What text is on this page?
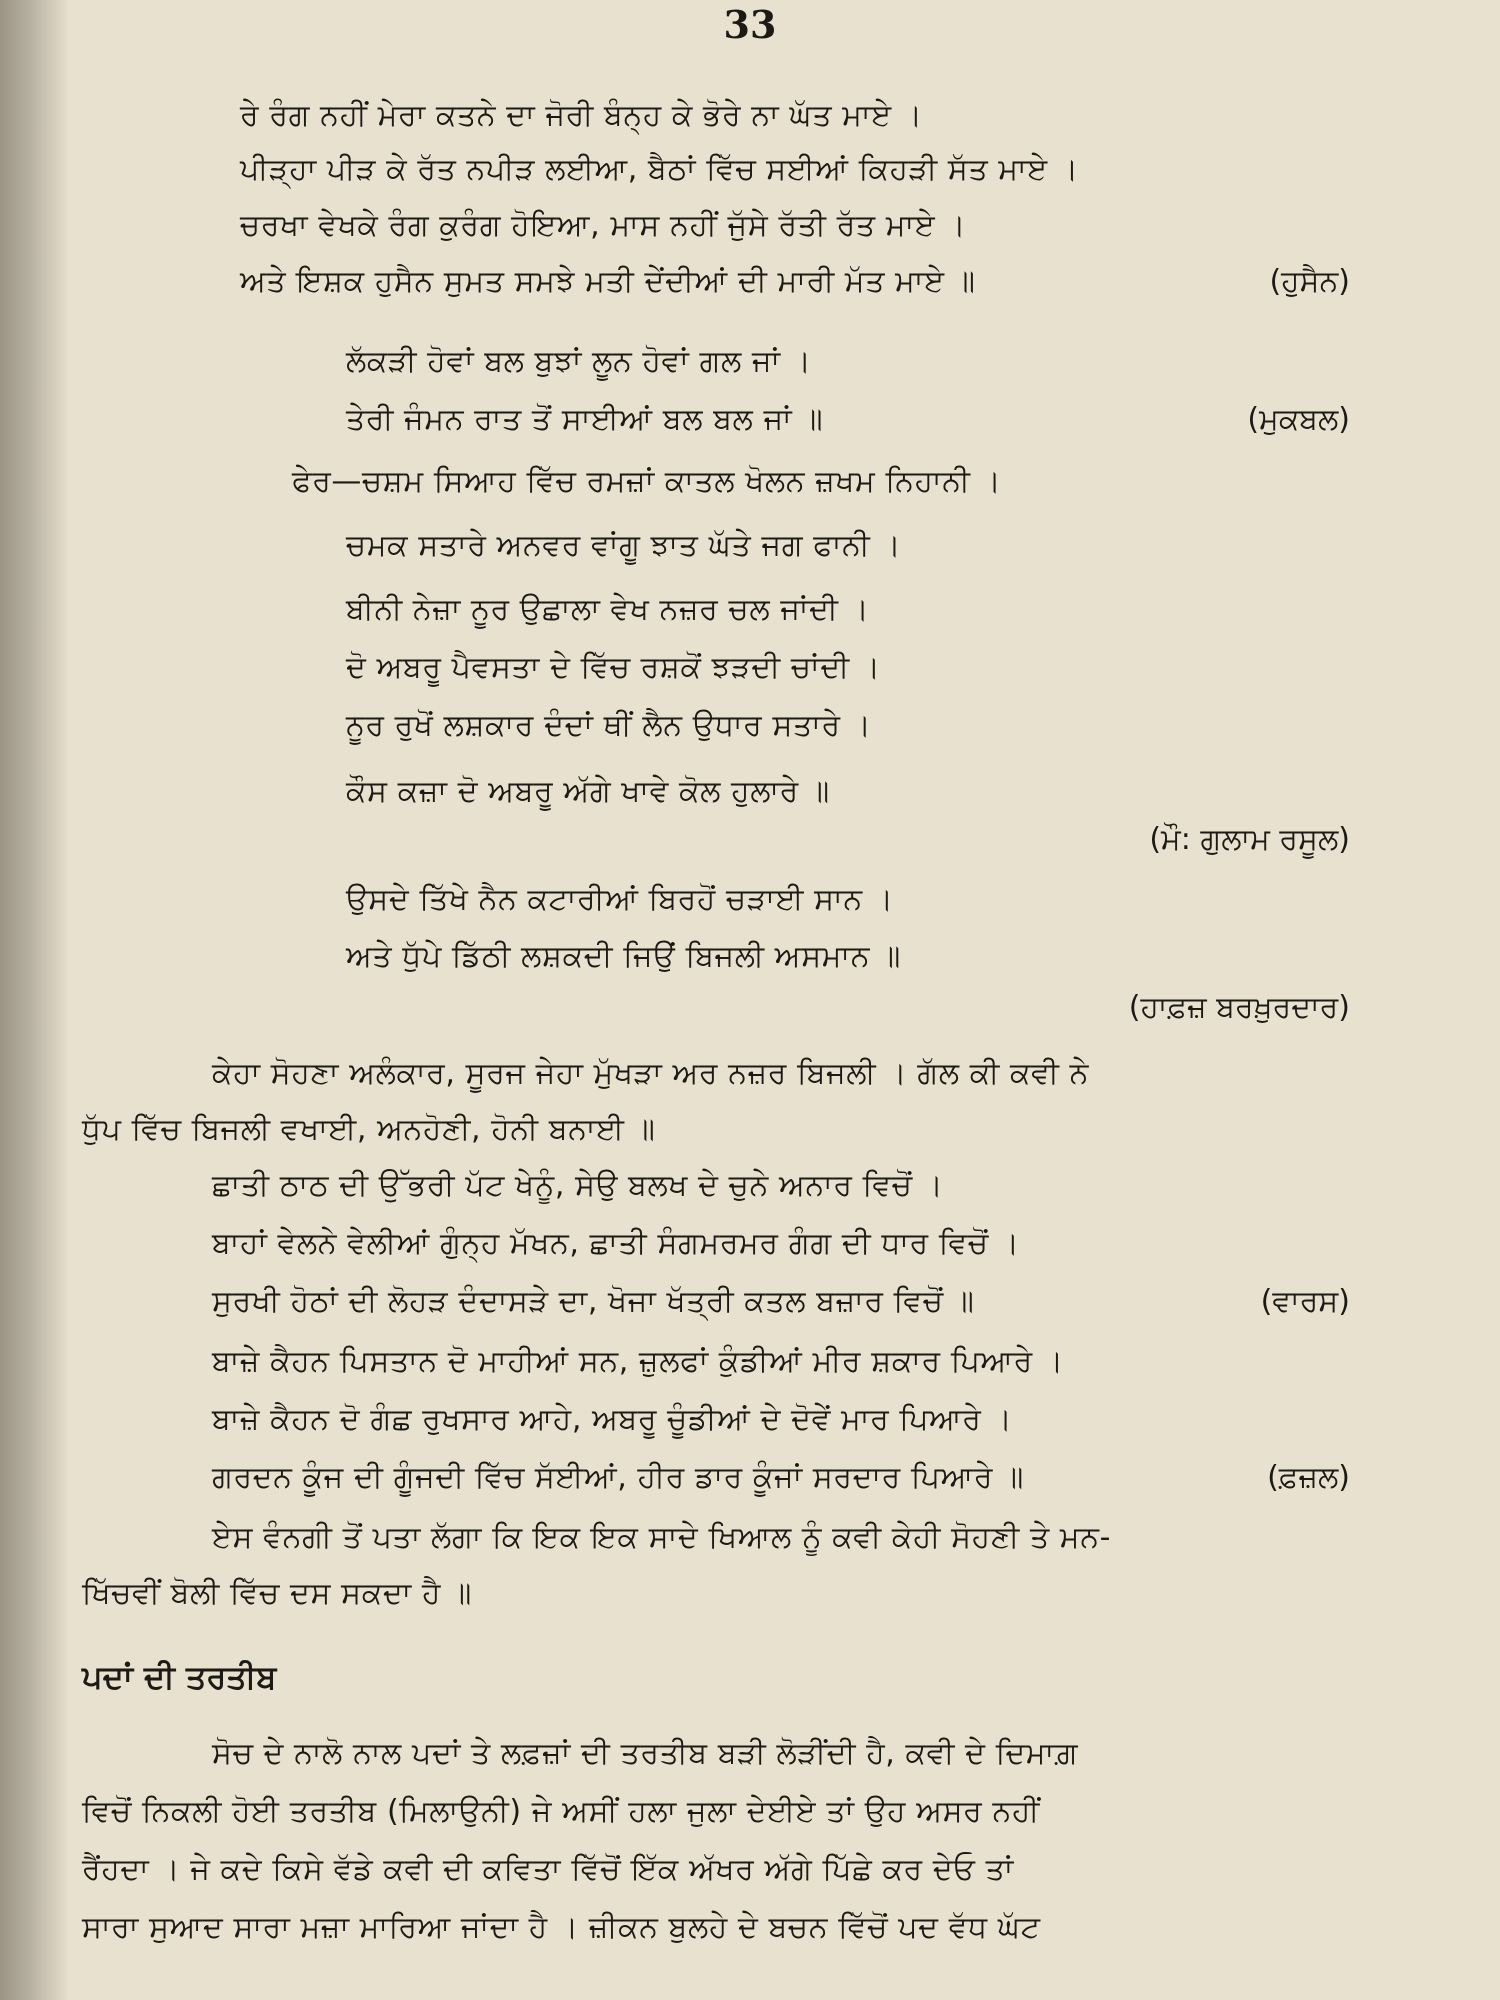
33
ਰੇ ਰੰਗ ਨਹੀਂ ਮੇਰਾ ਕਤਨੇ ਦਾ ਜੋਰੀ ਬੰਨ੍ਹ ਕੇ ਭੋਰੇ ਨਾ ਘੱਤ ਮਾਏ ।
ਪੀੜ੍ਹਾ ਪੀੜ ਕੇ ਰੱਤ ਨਪੀੜ ਲਈਆ, ਬੈਠਾਂ ਵਿੱਚ ਸਈਆਂ ਕਿਹੜੀ ਸੱਤ ਮਾਏ ।
ਚਰਖਾ ਵੇਖਕੇ ਰੰਗ ਕੁਰੰਗ ਹੋਇਆ, ਮਾਸ ਨਹੀਂ ਜੁੱਸੇ ਰੱਤੀ ਰੱਤ ਮਾਏ ।
ਅਤੇ ਇਸ਼ਕ ਹੁਸੈਨ ਸੁਮਤ ਸਮਝੇ ਮਤੀ ਦੇਂਦੀਆਂ ਦੀ ਮਾਰੀ ਮੱਤ ਮਾਏ ॥	(ਹੁਸੈਨ)
ਲੱਕੜੀ ਹੋਵਾਂ ਬਲ ਬੁਝਾਂ ਲੂਨ ਹੋਵਾਂ ਗਲ ਜਾਂ ।
ਤੇਰੀ ਜੰਮਨ ਰਾਤ ਤੋਂ ਸਾਈਆਂ ਬਲ ਬਲ ਜਾਂ ॥	(ਮੁਕਬਲ)
ਫੇਰ—ਚਸ਼ਮ ਸਿਆਹ ਵਿੱਚ ਰਮਜ਼ਾਂ ਕਾਤਲ ਖੋਲਨ ਜ਼ਖਮ ਨਿਹਾਨੀ ।
ਚਮਕ ਸਤਾਰੇ ਅਨਵਰ ਵਾਂਗੂ ਝਾਤ ਘੱਤੇ ਜਗ ਫਾਨੀ ।
ਬੀਨੀ ਨੇਜ਼ਾ ਨੂਰ ਉਛਾਲਾ ਵੇਖ ਨਜ਼ਰ ਚਲ ਜਾਂਦੀ ।
ਦੋ ਅਬਰੂ ਪੈਵਸਤਾ ਦੇ ਵਿੱਚ ਰਸ਼ਕੋਂ ਝੜਦੀ ਚਾਂਦੀ ।
ਨੂਰ ਰੁਖੋਂ ਲਸ਼ਕਾਰ ਦੰਦਾਂ ਥੀਂ ਲੈਨ ਉਧਾਰ ਸਤਾਰੇ ।
ਕੌਸ ਕਜ਼ਾ ਦੋ ਅਬਰੂ ਅੱਗੇ ਖਾਵੇ ਕੋਲ ਹੁਲਾਰੇ ॥
(ਮੌ: ਗੁਲਾਮ ਰਸੂਲ)
ਉਸਦੇ ਤਿੱਖੇ ਨੈਨ ਕਟਾਰੀਆਂ ਬਿਰਹੋਂ ਚੜਾਈ ਸਾਨ ।
ਅਤੇ ਧੁੱਪੇ ਡਿੱਠੀ ਲਸ਼ਕਦੀ ਜਿਉਂ ਬਿਜਲੀ ਅਸਮਾਨ ॥
(ਹਾਫ਼ਜ਼ ਬਰਖ਼ੁਰਦਾਰ)
ਕੇਹਾ ਸੋਹਣਾ ਅਲੰਕਾਰ, ਸੂਰਜ ਜੇਹਾ ਮੁੱਖੜਾ ਅਰ ਨਜ਼ਰ ਬਿਜਲੀ । ਗੱਲ ਕੀ ਕਵੀ ਨੇ
ਧੁੱਪ ਵਿੱਚ ਬਿਜਲੀ ਵਖਾਈ, ਅਨਹੋਣੀ, ਹੋਨੀ ਬਨਾਈ ॥
ਛਾਤੀ ਠਾਠ ਦੀ ਉੱਭਰੀ ਪੱਟ ਖੇਨੂੰ, ਸੇਉ ਬਲਖ ਦੇ ਚੁਨੇ ਅਨਾਰ ਵਿਚੋਂ ।
ਬਾਹਾਂ ਵੇਲਨੇ ਵੇਲੀਆਂ ਗੁੰਨ੍ਹ ਮੱਖਨ, ਛਾਤੀ ਸੰਗਮਰਮਰ ਗੰਗ ਦੀ ਧਾਰ ਵਿਚੋਂ ।
ਸੁਰਖੀ ਹੋਠਾਂ ਦੀ ਲੋਹੜ ਦੰਦਾਸੜੇ ਦਾ, ਖੋਜਾ ਖੱਤ੍ਰੀ ਕਤਲ ਬਜ਼ਾਰ ਵਿਚੋਂ ॥	(ਵਾਰਸ)
ਬਾਜ਼ੇ ਕੈਹਨ ਪਿਸਤਾਨ ਦੋ ਮਾਹੀਆਂ ਸਨ, ਜ਼ੁਲਫਾਂ ਕੁੰਡੀਆਂ ਮੀਰ ਸ਼ਕਾਰ ਪਿਆਰੇ ।
ਬਾਜ਼ੇ ਕੈਹਨ ਦੋ ਗੰਛ ਰੁਖਸਾਰ ਆਹੇ, ਅਬਰੂ ਚੂੰਡੀਆਂ ਦੇ ਦੋਵੇਂ ਮਾਰ ਪਿਆਰੇ ।
ਗਰਦਨ ਕੂੰਜ ਦੀ ਗੂੰਜਦੀ ਵਿੱਚ ਸੱਈਆਂ, ਹੀਰ ਡਾਰ ਕੂੰਜਾਂ ਸਰਦਾਰ ਪਿਆਰੇ ॥	(ਫ਼ਜ਼ਲ)
ਏਸ ਵੰਨਗੀ ਤੋਂ ਪਤਾ ਲੱਗਾ ਕਿ ਇਕ ਇਕ ਸਾਦੇ ਖਿਆਲ ਨੂੰ ਕਵੀ ਕੇਹੀ ਸੋਹਣੀ ਤੇ ਮਨ-
ਖਿੱਚਵੀਂ ਬੋਲੀ ਵਿੱਚ ਦਸ ਸਕਦਾ ਹੈ ॥
ਪਦਾਂ ਦੀ ਤਰਤੀਬ
ਸੋਚ ਦੇ ਨਾਲੋ ਨਾਲ ਪਦਾਂ ਤੇ ਲਫ਼ਜ਼ਾਂ ਦੀ ਤਰਤੀਬ ਬੜੀ ਲੋੜੀਂਦੀ ਹੈ, ਕਵੀ ਦੇ ਦਿਮਾਗ਼
ਵਿਚੋਂ ਨਿਕਲੀ ਹੋਈ ਤਰਤੀਬ (ਮਿਲਾਉਨੀ) ਜੇ ਅਸੀਂ ਹਲਾ ਜੁਲਾ ਦੇਈਏ ਤਾਂ ਉਹ ਅਸਰ ਨਹੀਂ
ਰੈਂਹਦਾ । ਜੇ ਕਦੇ ਕਿਸੇ ਵੱਡੇ ਕਵੀ ਦੀ ਕਵਿਤਾ ਵਿੱਚੋਂ ਇੱਕ ਅੱਖਰ ਅੱਗੇ ਪਿੱਛੇ ਕਰ ਦੇਓ ਤਾਂ
ਸਾਰਾ ਸੁਆਦ ਸਾਰਾ ਮਜ਼ਾ ਮਾਰਿਆ ਜਾਂਦਾ ਹੈ । ਜ਼ੀਕਨ ਬੁਲਹੇ ਦੇ ਬਚਨ ਵਿੱਚੋਂ ਪਦ ਵੱਧ ਘੱਟ
